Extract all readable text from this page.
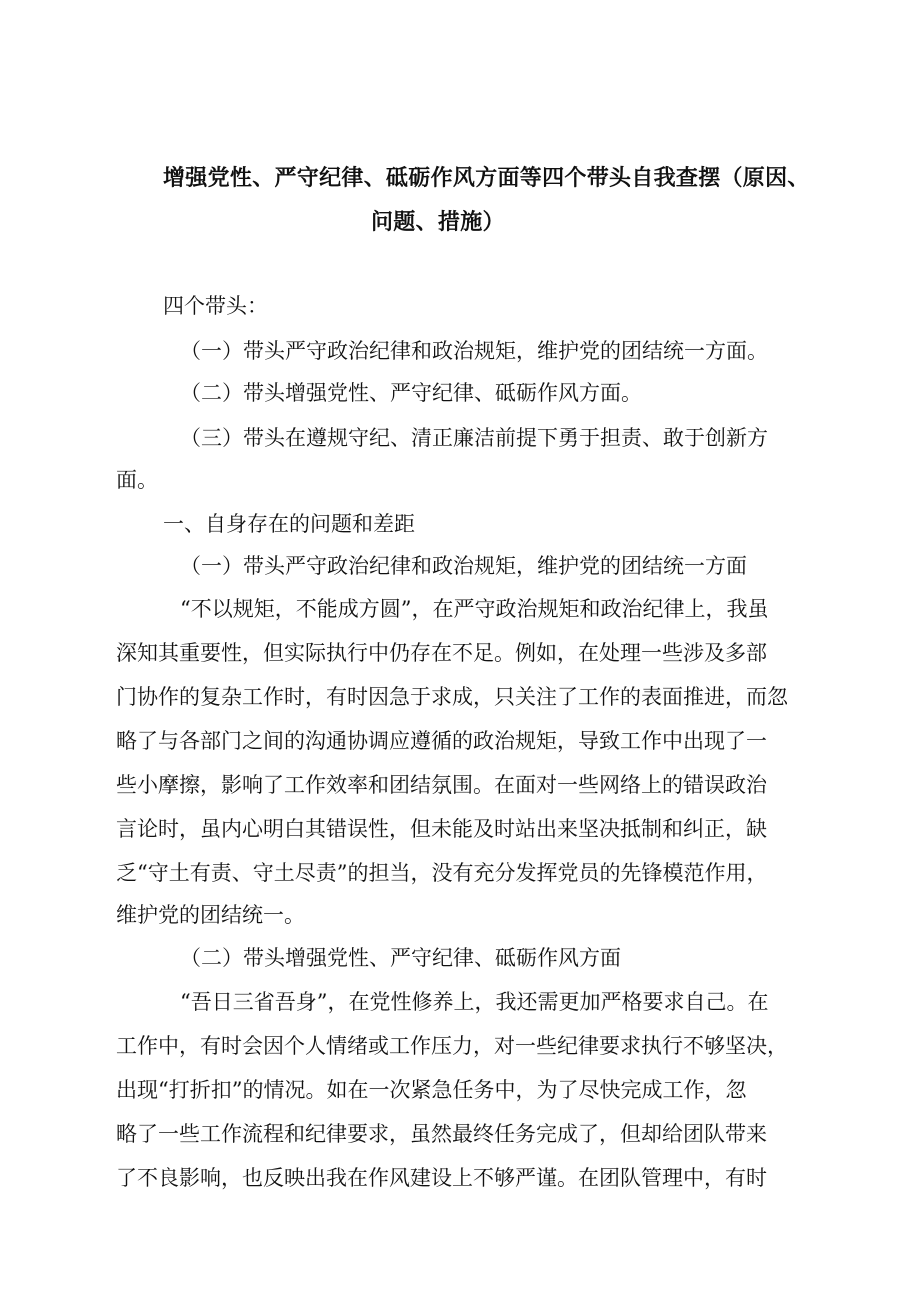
增强党性、严守纪律、砥砺作风方面等四个带头自我查摆（原因、
问题、措施）

四个带头：

（一）带头严守政治纪律和政治规矩，维护党的团结统一方面。

（二）带头增强党性、严守纪律、砥砺作风方面。

（三）带头在遵规守纪、清正廉洁前提下勇于担责、敢于创新方

面。

一、自身存在的问题和差距

（一）带头严守政治纪律和政治规矩，维护党的团结统一方面

“不以规矩，不能成方圆”，在严守政治规矩和政治纪律上，我虽

深知其重要性，但实际执行中仍存在不足。例如，在处理一些涉及多部

门协作的复杂工作时，有时因急于求成，只关注了工作的表面推进，而忽

略了与各部门之间的沟通协调应遵循的政治规矩，导致工作中出现了一

些小摩擦，影响了工作效率和团结氛围。在面对一些网络上的错误政治

言论时，虽内心明白其错误性，但未能及时站出来坚决抵制和纠正，缺

乏“守土有责、守土尽责”的担当，没有充分发挥党员的先锋模范作用，

维护党的团结统一。

（二）带头增强党性、严守纪律、砥砺作风方面

“吾日三省吾身”，在党性修养上，我还需更加严格要求自己。在

工作中，有时会因个人情绪或工作压力，对一些纪律要求执行不够坚决，

出现“打折扣”的情况。如在一次紧急任务中，为了尽快完成工作，忽

略了一些工作流程和纪律要求，虽然最终任务完成了，但却给团队带来

了不良影响，也反映出我在作风建设上不够严谨。在团队管理中，有时
